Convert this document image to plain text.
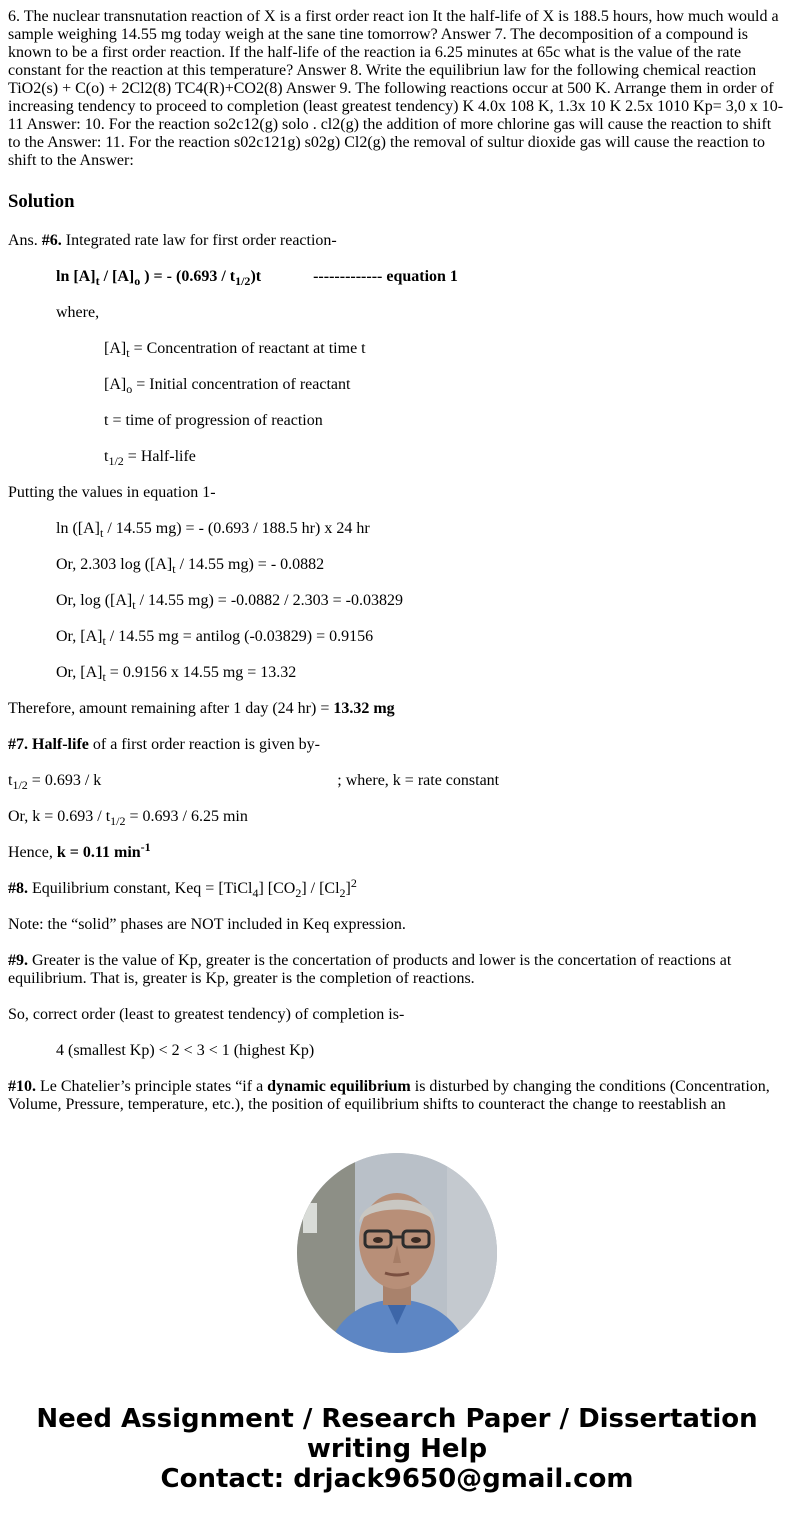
6. The nuclear transnutation reaction of X is a first order react ion It the half-life of X is 188.5 hours, how much would a sample weighing 14.55 mg today weigh at the sane tine tomorrow? Answer 7. The decomposition of a compound is known to be a first order reaction. If the half-life of the reaction ia 6.25 minutes at 65c what is the value of the rate constant for the reaction at this temperature? Answer 8. Write the equilibriun law for the following chemical reaction TiO2(s) + C(o) + 2Cl2(8) TC4(R)+CO2(8) Answer 9. The following reactions occur at 500 K. Arrange them in order of increasing tendency to proceed to completion (least greatest tendency) K 4.0x 108 K, 1.3x 10 K 2.5x 1010 Kp= 3,0 x 10-11 Answer: 10. For the reaction so2c12(g) solo . cl2(g) the addition of more chlorine gas will cause the reaction to shift to the Answer: 11. For the reaction s02c121g) s02g) Cl2(g) the removal of sultur dioxide gas will cause the reaction to shift to the Answer:
Solution
Ans. #6. Integrated rate law for first order reaction-
$\ln [A]_t / [A]_o$ ) = - $(0.693 / t_{1/2})t$	------------- equation 1
where,
$[A]_t$ = Concentration of reactant at time t
$[A]_o$ = Initial concentration of reactant
t = time of progression of reaction
$t_{1/2}$ = Half-life
Putting the values in equation 1-
$\ln ([A]_t / 14.55$ mg) = - (0.693 / 188.5 hr) x 24 hr
Or, 2.303 $\log ([A]_t / 14.55$ mg) = - 0.0882
Or, $\log ([A]_t / 14.55$ mg) = -0.0882 / 2.303 = -0.03829
Or, $[A]_t / 14.55$ mg = antilog (-0.03829) = 0.9156
Or, $[A]_t = 0.9156$ x 14.55 mg = 13.32
Therefore, amount remaining after 1 day (24 hr) = 13.32 mg
#7. Half-life of a first order reaction is given by-
$t_{1/2} = 0.693 / k$	; where, k = rate constant
Or, $k = 0.693 / t_{1/2} = 0.693 / 6.25$ min
Hence, k = 0.11 $\min^{-1}$
#8. Equilibrium constant, Keq = [TiCl$_4$] $[CO_2] / [Cl_2]^2$
Note: the “solid” phases are NOT included in Keq expression.
#9. Greater is the value of Kp, greater is the concertation of products and lower is the concertation of reactions at equilibrium. That is, greater is Kp, greater is the completion of reactions.
So, correct order (least to greatest tendency) of completion is-
4 (smallest Kp) < 2 < 3 < 1 (highest Kp)
#10. Le Chatelier’s principle states “if a dynamic equilibrium is disturbed by changing the conditions (Concentration, Volume, Pressure, temperature, etc.), the position of equilibrium shifts to counteract the change to reestablish an
Need Assignment / Research Paper / Dissertation
writing Help
Contact: drjack9650@gmail.com
